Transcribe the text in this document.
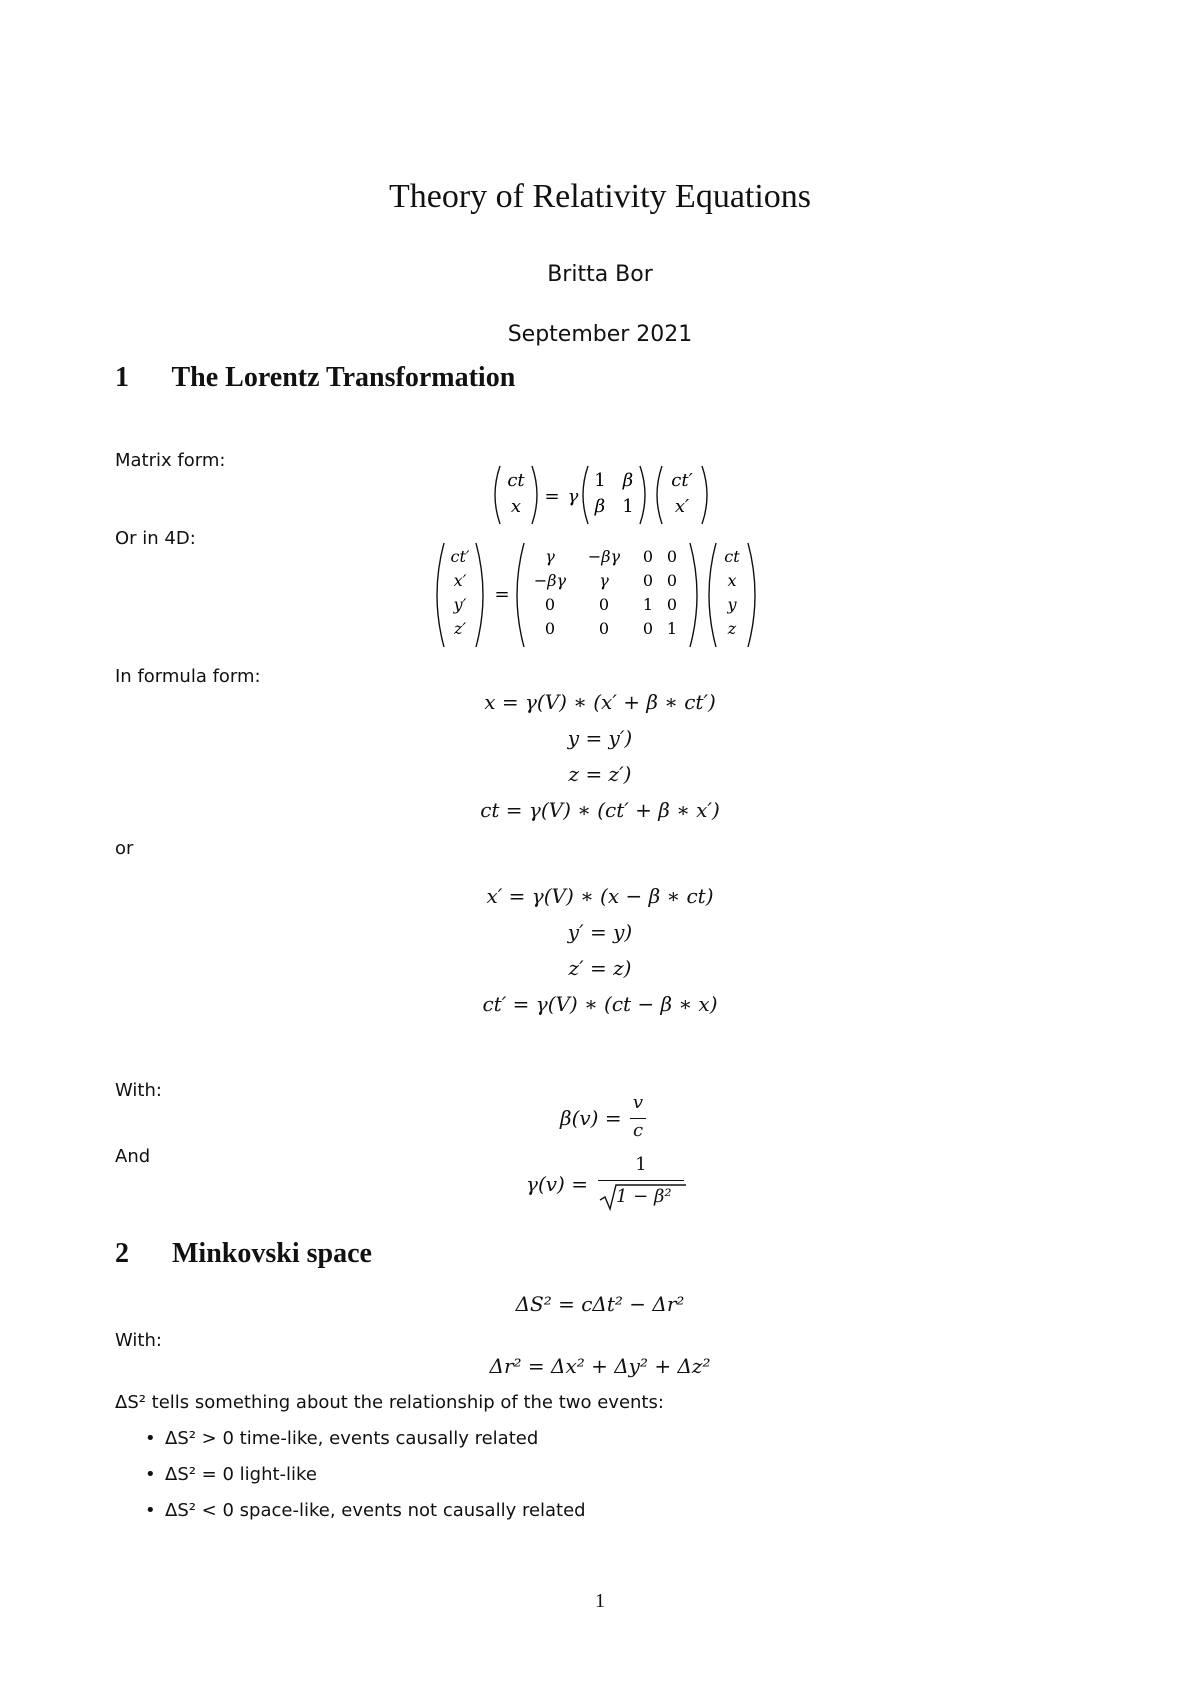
Theory of Relativity Equations
Britta Bor
September 2021
1 The Lorentz Transformation
Matrix form:
ct
x = γ
1 β
β 1
ct′
x′
Or in 4D:
ct′
x′
y′
z′
=
γ −βγ 0 0
−βγ γ 0 0
0	0 1 0
0	0 0 1
ct
x
y
z
In formula form:
x = γ(V) ∗ (x′ + β ∗ ct′)
y = y′)
z = z′)
ct = γ(V) ∗ (ct′ + β ∗ x′)
or
x′ = γ(V) ∗ (x − β ∗ ct)
y′ = y)
z′ = z)
ct′ = γ(V) ∗ (ct − β ∗ x)
With:
β(v) =
v
c
And
γ(v) =
1
1 − β²
2 Minkovski space
ΔS² = cΔt² − Δr²
With:
Δr² = Δx² + Δy² + Δz²
ΔS² tells something about the relationship of the two events:
• ΔS² > 0 time-like, events causally related
• ΔS² = 0 light-like
• ΔS² < 0 space-like, events not causally related
1
